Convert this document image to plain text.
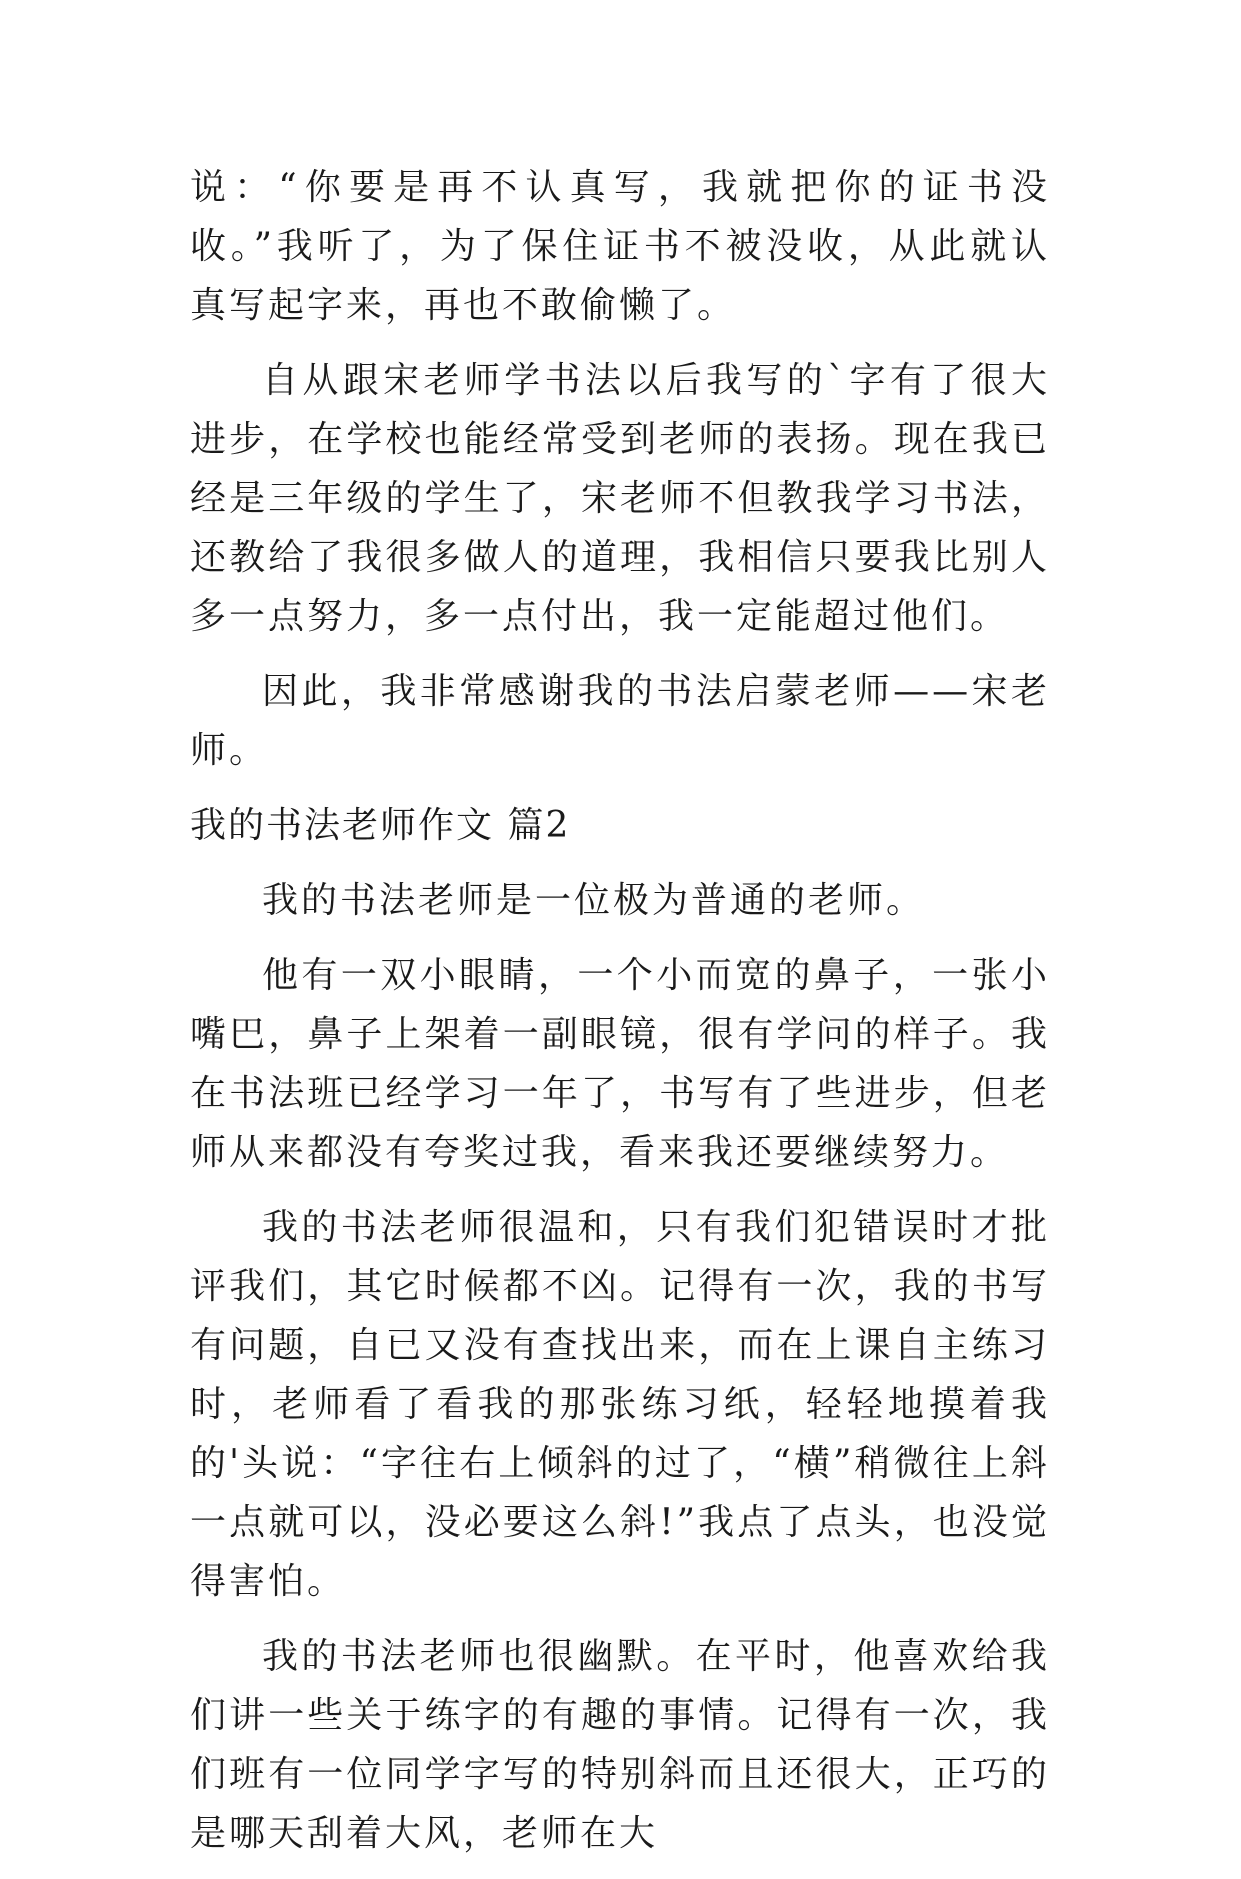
说：“你要是再不认真写，我就把你的证书没收。”我听了，为了保住证书不被没收，从此就认真写起字来，再也不敢偷懒了。

自从跟宋老师学书法以后我写的`字有了很大进步，在学校也能经常受到老师的表扬。现在我已经是三年级的学生了，宋老师不但教我学习书法，还教给了我很多做人的道理，我相信只要我比别人多一点努力，多一点付出，我一定能超过他们。

因此，我非常感谢我的书法启蒙老师——宋老师。

我的书法老师作文 篇2

我的书法老师是一位极为普通的老师。

他有一双小眼睛，一个小而宽的鼻子，一张小嘴巴，鼻子上架着一副眼镜，很有学问的样子。我在书法班已经学习一年了，书写有了些进步，但老师从来都没有夸奖过我，看来我还要继续努力。

我的书法老师很温和，只有我们犯错误时才批评我们，其它时候都不凶。记得有一次，我的书写有问题，自已又没有查找出来，而在上课自主练习时，老师看了看我的那张练习纸，轻轻地摸着我的'头说：“字往右上倾斜的过了，“横”稍微往上斜一点就可以，没必要这么斜!”我点了点头，也没觉得害怕。

我的书法老师也很幽默。在平时，他喜欢给我们讲一些关于练字的有趣的事情。记得有一次，我们班有一位同学字写的特别斜而且还很大，正巧的是哪天刮着大风，老师在大
